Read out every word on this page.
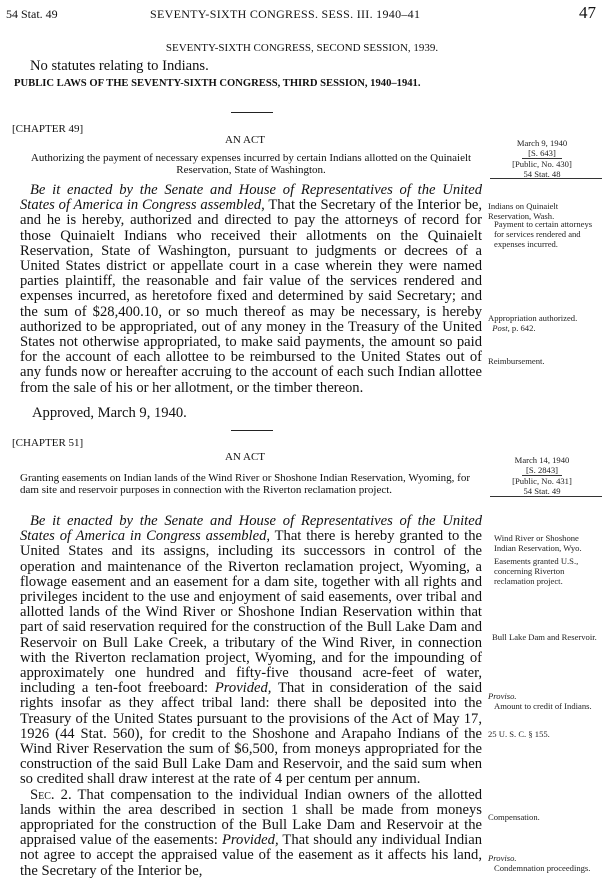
54 Stat. 49	SEVENTY-SIXTH CONGRESS. SESS. III. 1940–41	47
SEVENTY-SIXTH CONGRESS, SECOND SESSION, 1939.
No statutes relating to Indians.
PUBLIC LAWS OF THE SEVENTY-SIXTH CONGRESS, THIRD SESSION, 1940–1941.
[CHAPTER 49]
AN ACT
Authorizing the payment of necessary expenses incurred by certain Indians allotted on the Quinaielt Reservation, State of Washington.
March 9, 1940
[S. 643]
[Public, No. 430]
54 Stat. 48
Be it enacted by the Senate and House of Representatives of the United States of America in Congress assembled, That the Secretary of the Interior be, and he is hereby, authorized and directed to pay the attorneys of record for those Quinaielt Indians who received their allotments on the Quinaielt Reservation, State of Washington, pursuant to judgments or decrees of a United States district or appellate court in a case wherein they were named parties plaintiff, the reasonable and fair value of the services rendered and expenses incurred, as heretofore fixed and determined by said Secretary; and the sum of $28,400.10, or so much thereof as may be necessary, is hereby authorized to be appropriated, out of any money in the Treasury of the United States not otherwise appropriated, to make said payments, the amount so paid for the account of each allottee to be reimbursed to the United States out of any funds now or hereafter accruing to the account of each such Indian allottee from the sale of his or her allotment, or the timber thereon.
Approved, March 9, 1940.
Indians on Quinaielt Reservation, Wash.
Payment to certain attorneys for services rendered and expenses incurred.
Appropriation authorized.
Post, p. 642.
Reimbursement.
[CHAPTER 51]
AN ACT
Granting easements on Indian lands of the Wind River or Shoshone Indian Reservation, Wyoming, for dam site and reservoir purposes in connection with the Riverton reclamation project.
March 14, 1940
[S. 2843]
[Public, No. 431]
54 Stat. 49
Be it enacted by the Senate and House of Representatives of the United States of America in Congress assembled, That there is hereby granted to the United States and its assigns, including its successors in control of the operation and maintenance of the Riverton reclamation project, Wyoming, a flowage easement and an easement for a dam site, together with all rights and privileges incident to the use and enjoyment of said easements, over tribal and allotted lands of the Wind River or Shoshone Indian Reservation within that part of said reservation required for the construction of the Bull Lake Dam and Reservoir on Bull Lake Creek, a tributary of the Wind River, in connection with the Riverton reclamation project, Wyoming, and for the impounding of approximately one hundred and fifty-five thousand acre-feet of water, including a ten-foot freeboard: Provided, That in consideration of the said rights insofar as they affect tribal land: there shall be deposited into the Treasury of the United States pursuant to the provisions of the Act of May 17, 1926 (44 Stat. 560), for credit to the Shoshone and Arapaho Indians of the Wind River Reservation the sum of $6,500, from moneys appropriated for the construction of the said Bull Lake Dam and Reservoir, and the said sum when so credited shall draw interest at the rate of 4 per centum per annum.
Sec. 2. That compensation to the individual Indian owners of the allotted lands within the area described in section 1 shall be made from moneys appropriated for the construction of the Bull Lake Dam and Reservoir at the appraised value of the easements: Provided, That should any individual Indian not agree to accept the appraised value of the easement as it affects his land, the Secretary of the Interior be,
Wind River or Shoshone Indian Reservation, Wyo.
Easements granted U.S., concerning Riverton reclamation project.
Bull Lake Dam and Reservoir.
Proviso.
Amount to credit of Indians.
25 U. S. C. § 155.
Compensation.
Proviso.
Condemnation proceedings.
